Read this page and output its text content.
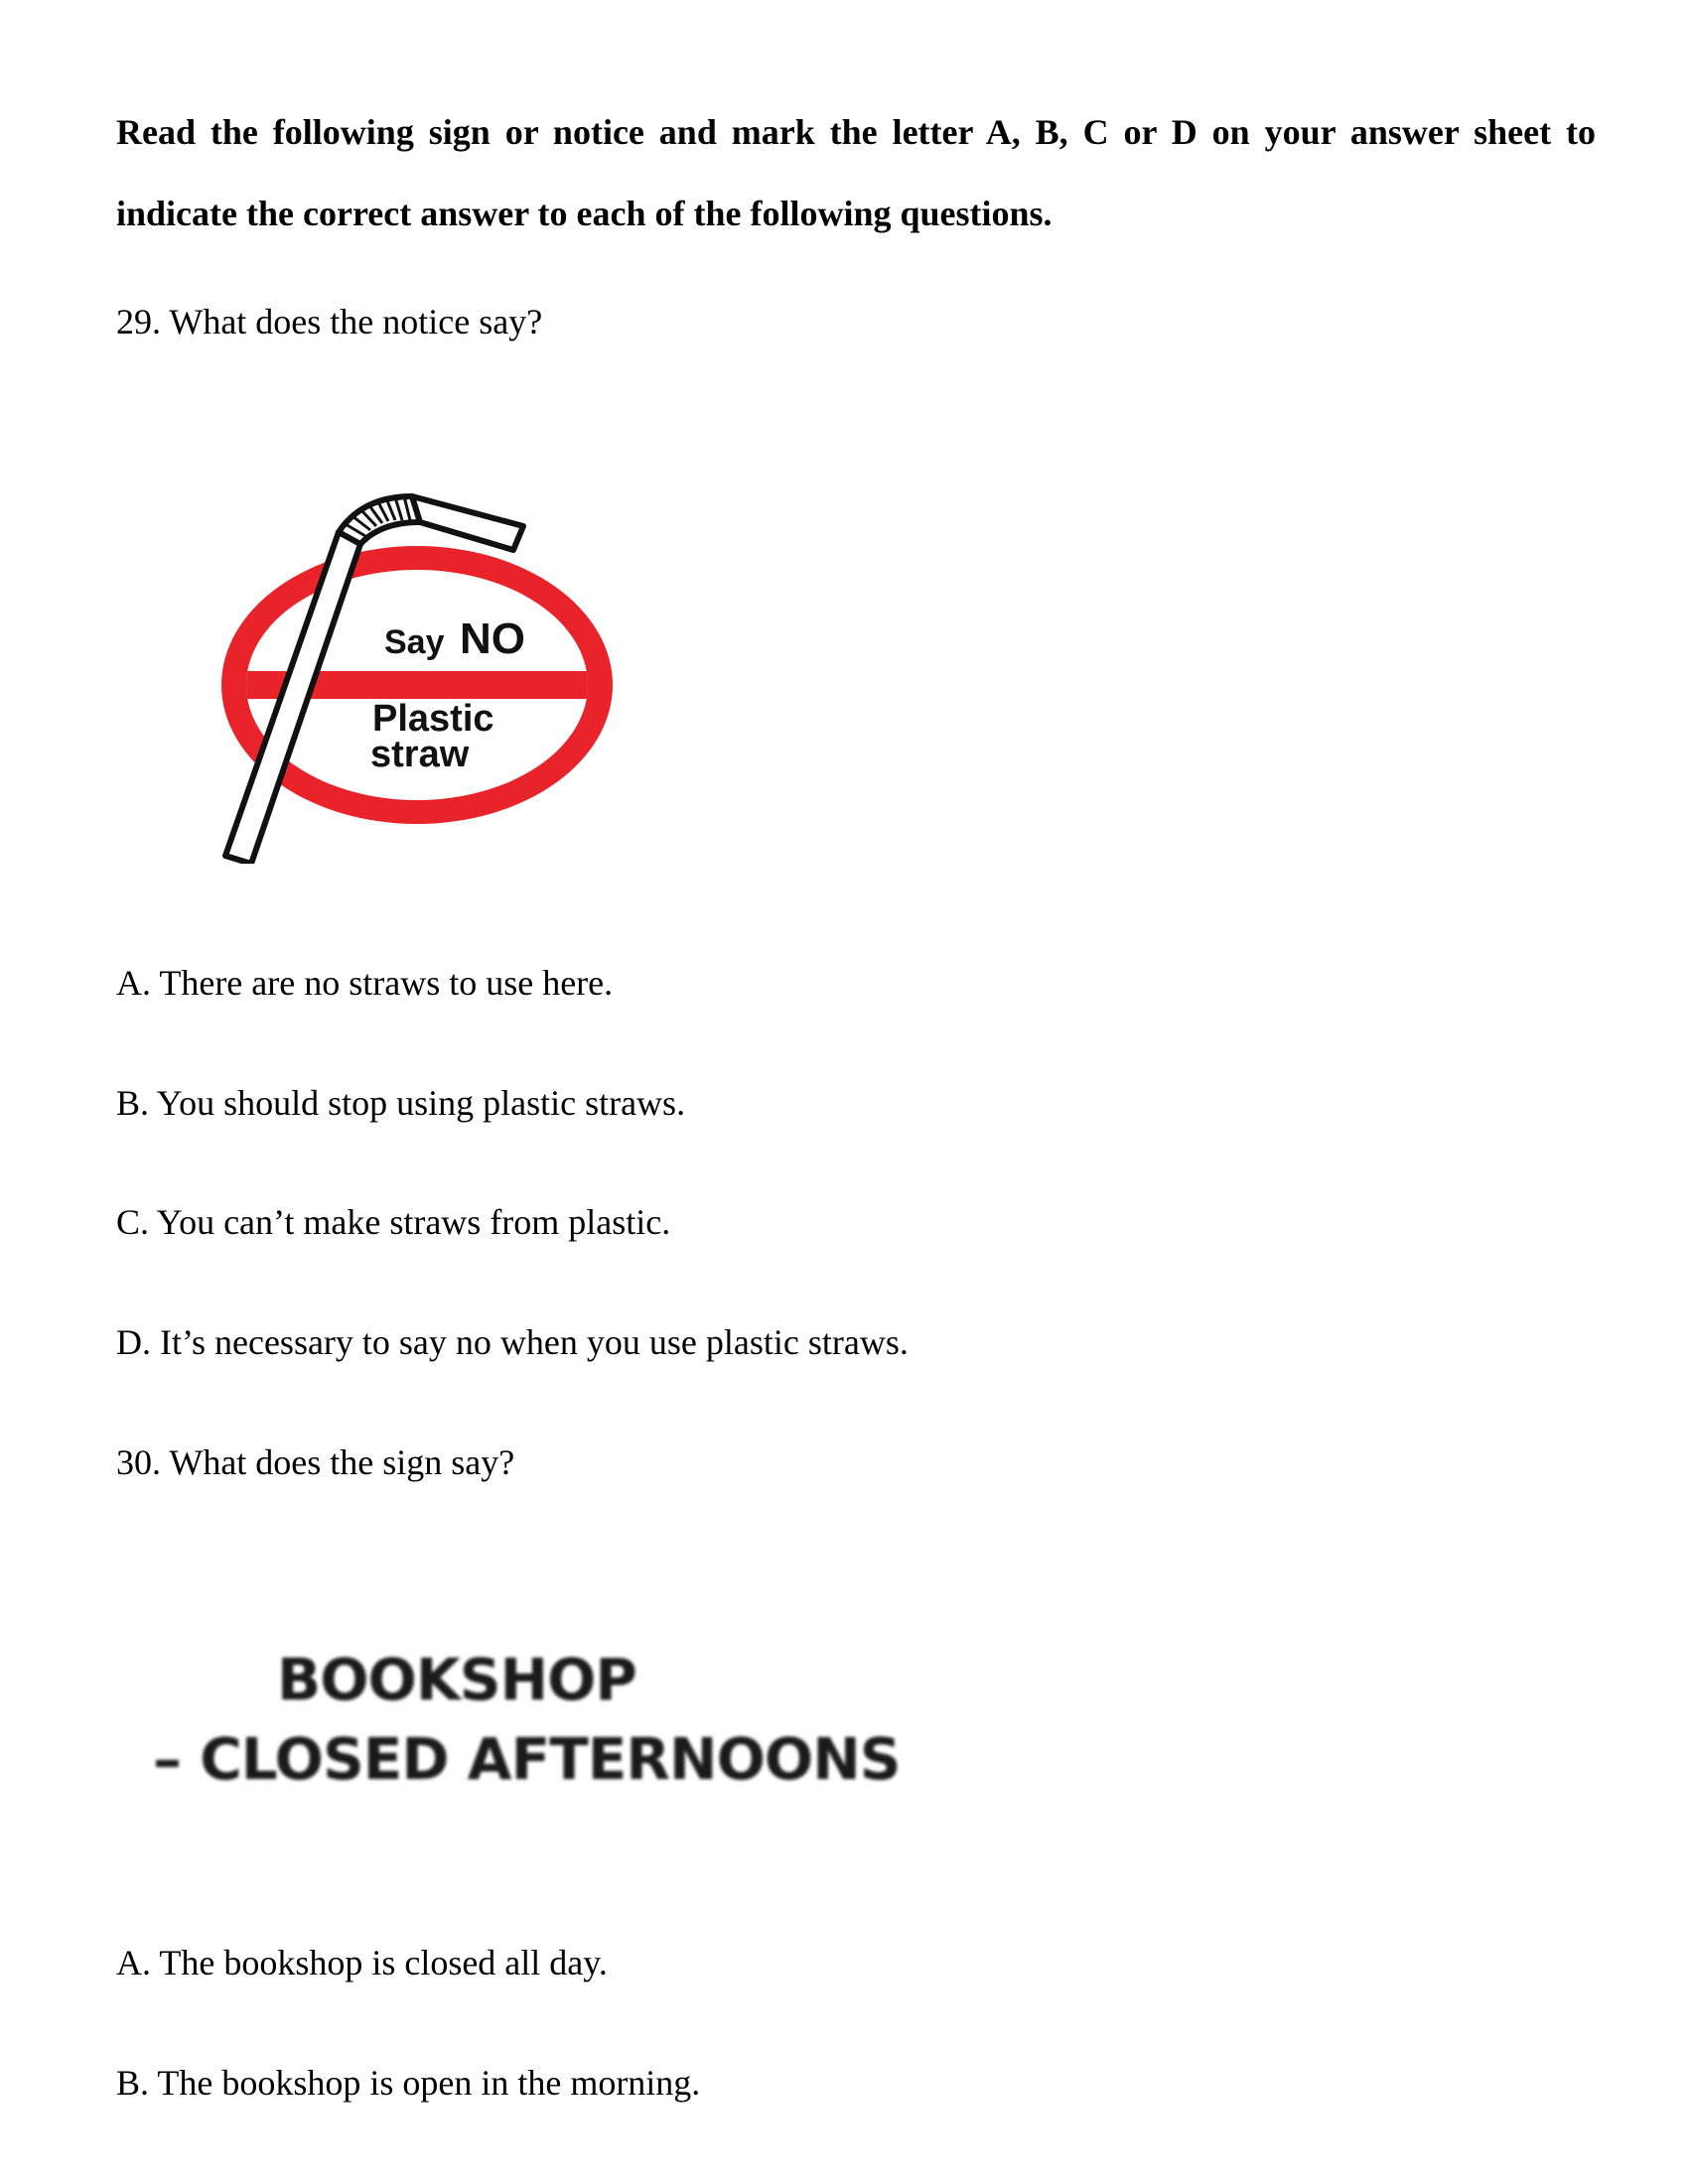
Read the following sign or notice and mark the letter A, B, C or D on your answer sheet to indicate the correct answer to each of the following questions.

29. What does the notice say?

Say NO
Plastic
straw

A. There are no straws to use here.

B. You should stop using plastic straws.

C. You can’t make straws from plastic.

D. It’s necessary to say no when you use plastic straws.

30. What does the sign say?

BOOKSHOP
– CLOSED AFTERNOONS

A. The bookshop is closed all day.

B. The bookshop is open in the morning.
